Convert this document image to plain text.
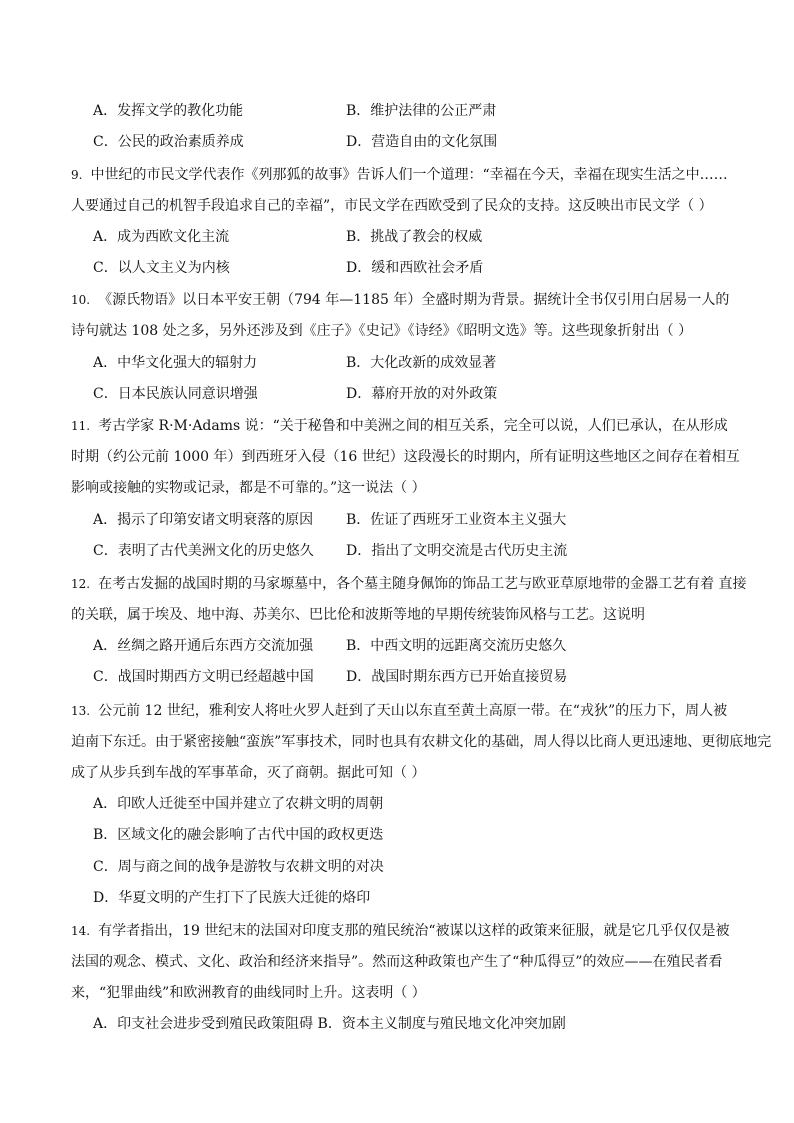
A．发挥文学的教化功能	B．维护法律的公正严肃
C．公民的政治素质养成	D．营造自由的文化氛围
9. 中世纪的市民文学代表作《列那狐的故事》告诉人们一个道理：“幸福在今天，幸福在现实生活之中……
人要通过自己的机智手段追求自己的幸福”，市民文学在西欧受到了民众的支持。这反映出市民文学（ ）
A．成为西欧文化主流	B．挑战了教会的权威
C．以人文主义为内核	D．缓和西欧社会矛盾
10. 《源氏物语》以日本平安王朝（794 年—1185 年）全盛时期为背景。据统计全书仅引用白居易一人的
诗句就达 108 处之多，另外还涉及到《庄子》《史记》《诗经》《昭明文选》等。这些现象折射出（ ）
A．中华文化强大的辐射力	B．大化改新的成效显著
C．日本民族认同意识增强	D．幕府开放的对外政策
11. 考古学家 R·M·Adams 说：“关于秘鲁和中美洲之间的相互关系，完全可以说，人们已承认，在从形成
时期（约公元前 1000 年）到西班牙入侵（16 世纪）这段漫长的时期内，所有证明这些地区之间存在着相互
影响或接触的实物或记录，都是不可靠的。”这一说法（ ）
A．揭示了印第安诸文明衰落的原因 B．佐证了西班牙工业资本主义强大
C．表明了古代美洲文化的历史悠久 D．指出了文明交流是古代历史主流
12. 在考古发掘的战国时期的马家塬墓中，各个墓主随身佩饰的饰品工艺与欧亚草原地带的金器工艺有着 直接
的关联，属于埃及、地中海、苏美尔、巴比伦和波斯等地的早期传统装饰风格与工艺。这说明
A．丝绸之路开通后东西方交流加强 B．中西文明的远距离交流历史悠久
C．战国时期西方文明已经超越中国 D．战国时期东西方已开始直接贸易
13. 公元前 12 世纪，雅利安人将吐火罗人赶到了天山以东直至黄土高原一带。在“戎狄”的压力下，周人被
迫南下东迁。由于紧密接触“蛮族”军事技术，同时也具有农耕文化的基础，周人得以比商人更迅速地、更彻底地完
成了从步兵到车战的军事革命，灭了商朝。据此可知（ ）
A．印欧人迁徙至中国并建立了农耕文明的周朝
B．区域文化的融会影响了古代中国的政权更迭
C．周与商之间的战争是游牧与农耕文明的对决
D．华夏文明的产生打下了民族大迁徙的烙印
14. 有学者指出，19 世纪末的法国对印度支那的殖民统治“被谋以这样的政策来征服，就是它几乎仅仅是被
法国的观念、模式、文化、政治和经济来指导”。然而这种政策也产生了“种瓜得豆”的效应——在殖民者看
来，“犯罪曲线”和欧洲教育的曲线同时上升。这表明（ ）
A．印支社会进步受到殖民政策阻碍 B．资本主义制度与殖民地文化冲突加剧
